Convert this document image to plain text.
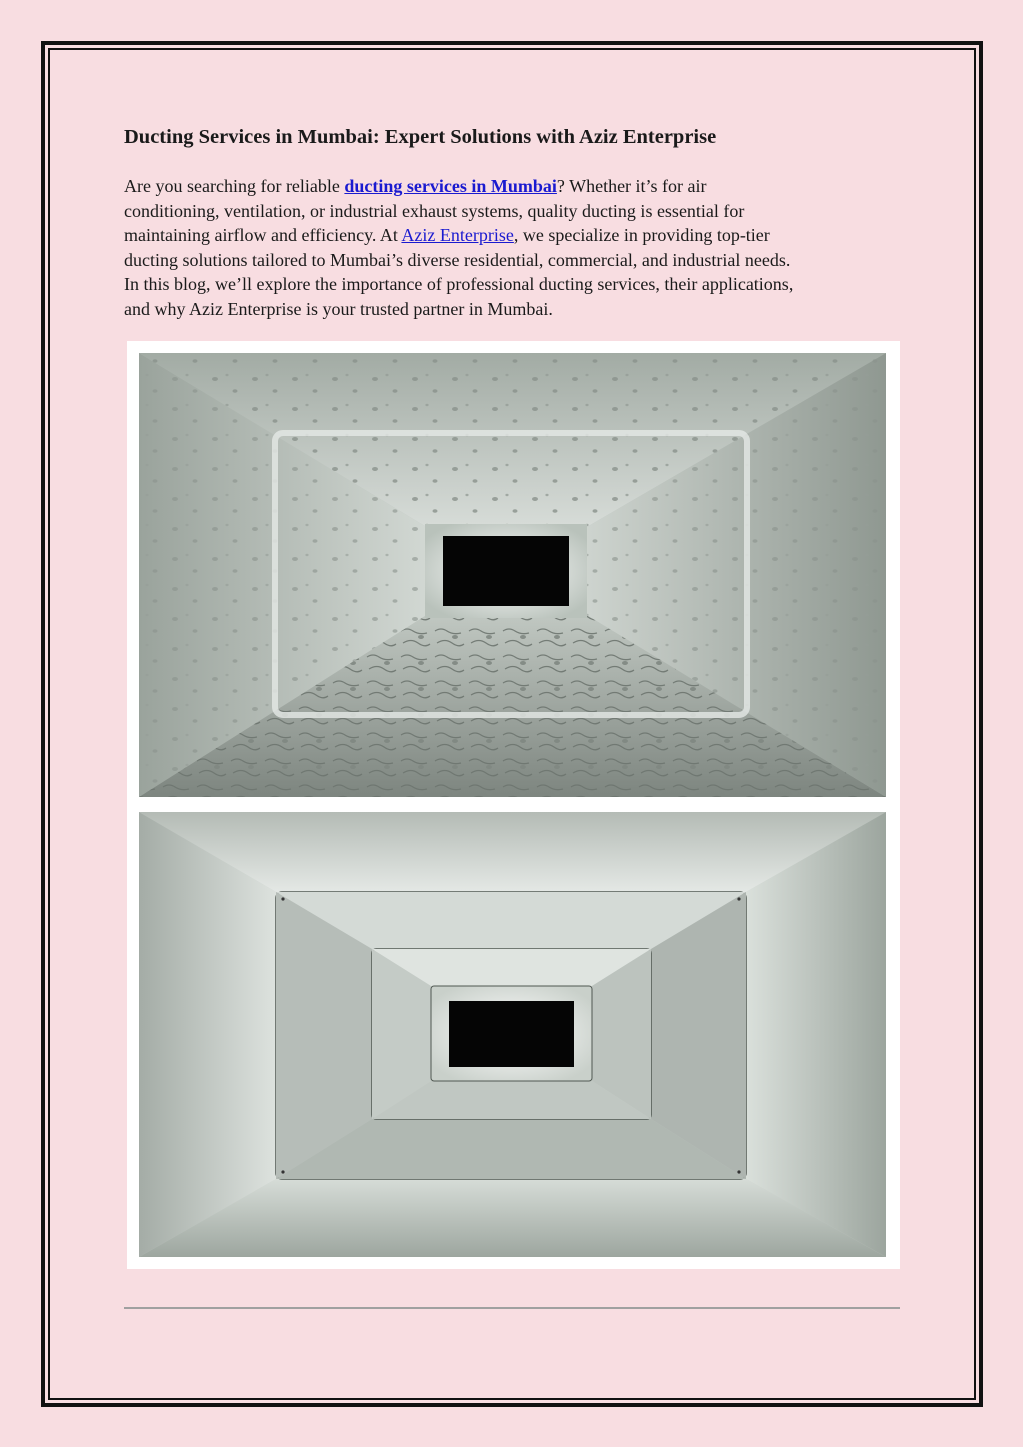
Ducting Services in Mumbai: Expert Solutions with Aziz Enterprise

Are you searching for reliable ducting services in Mumbai? Whether it’s for air
conditioning, ventilation, or industrial exhaust systems, quality ducting is essential for
maintaining airflow and efficiency. At Aziz Enterprise, we specialize in providing top-tier
ducting solutions tailored to Mumbai’s diverse residential, commercial, and industrial needs.
In this blog, we’ll explore the importance of professional ducting services, their applications,
and why Aziz Enterprise is your trusted partner in Mumbai.
